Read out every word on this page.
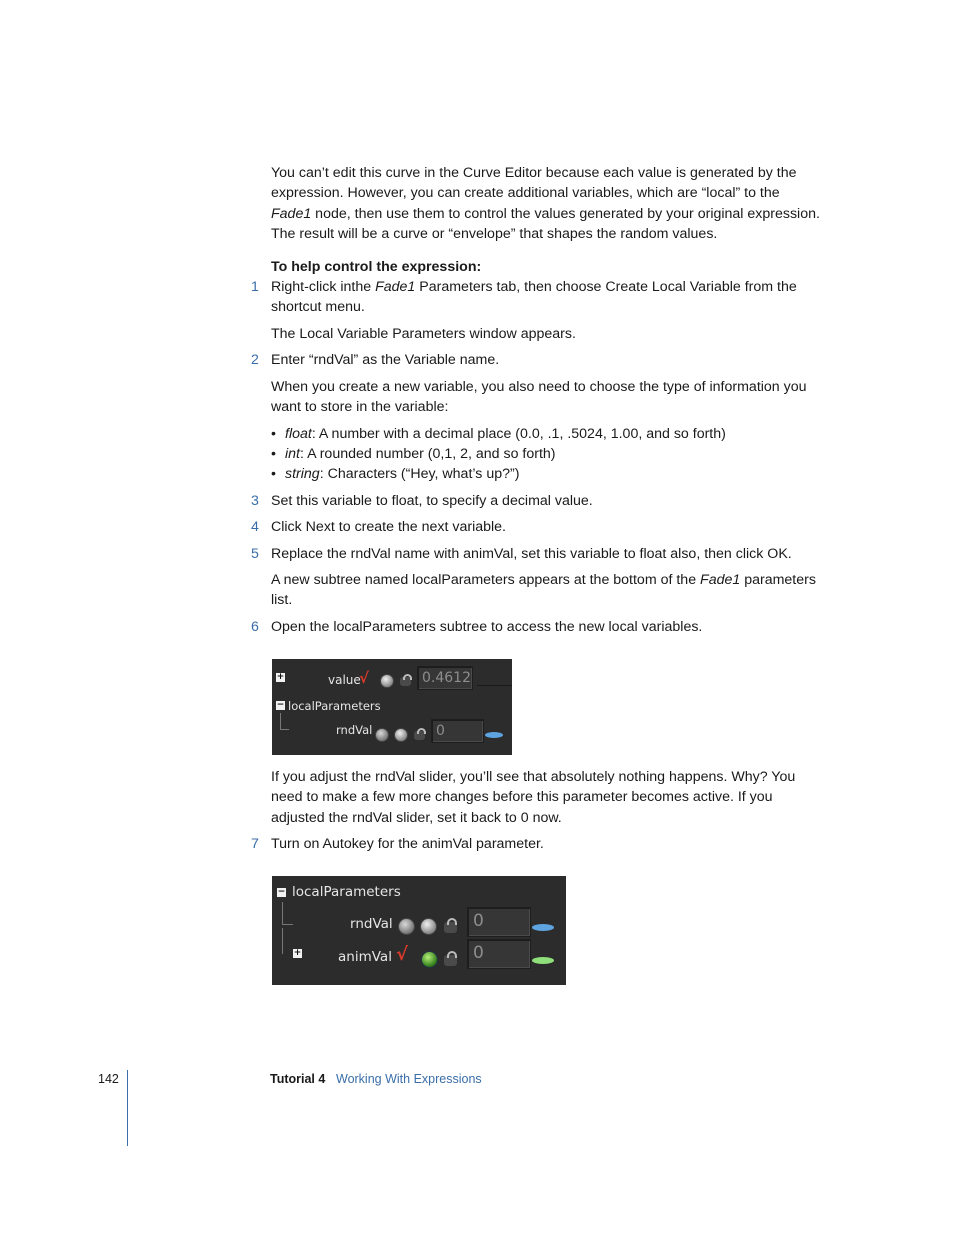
You can’t edit this curve in the Curve Editor because each value is generated by the expression. However, you can create additional variables, which are “local” to the Fade1 node, then use them to control the values generated by your original expression. The result will be a curve or “envelope” that shapes the random values.

To help control the expression:
1 Right-click inthe Fade1 Parameters tab, then choose Create Local Variable from the shortcut menu.
The Local Variable Parameters window appears.
2 Enter “rndVal” as the Variable name.
When you create a new variable, you also need to choose the type of information you want to store in the variable:
• float: A number with a decimal place (0.0, .1, .5024, 1.00, and so forth)
• int: A rounded number (0,1, 2, and so forth)
• string: Characters (“Hey, what’s up?”)
3 Set this variable to float, to specify a decimal value.
4 Click Next to create the next variable.
5 Replace the rndVal name with animVal, set this variable to float also, then click OK.
A new subtree named localParameters appears at the bottom of the Fade1 parameters list.
6 Open the localParameters subtree to access the new local variables.
+	value
√	0.4612
− localParameters
rndVal	0
If you adjust the rndVal slider, you’ll see that absolutely nothing happens. Why? You need to make a few more changes before this parameter becomes active. If you adjusted the rndVal slider, set it back to 0 now.
7 Turn on Autokey for the animVal parameter.
− localParameters
rndVal	0
+	animVal √	0
142	Tutorial 4 Working With Expressions
